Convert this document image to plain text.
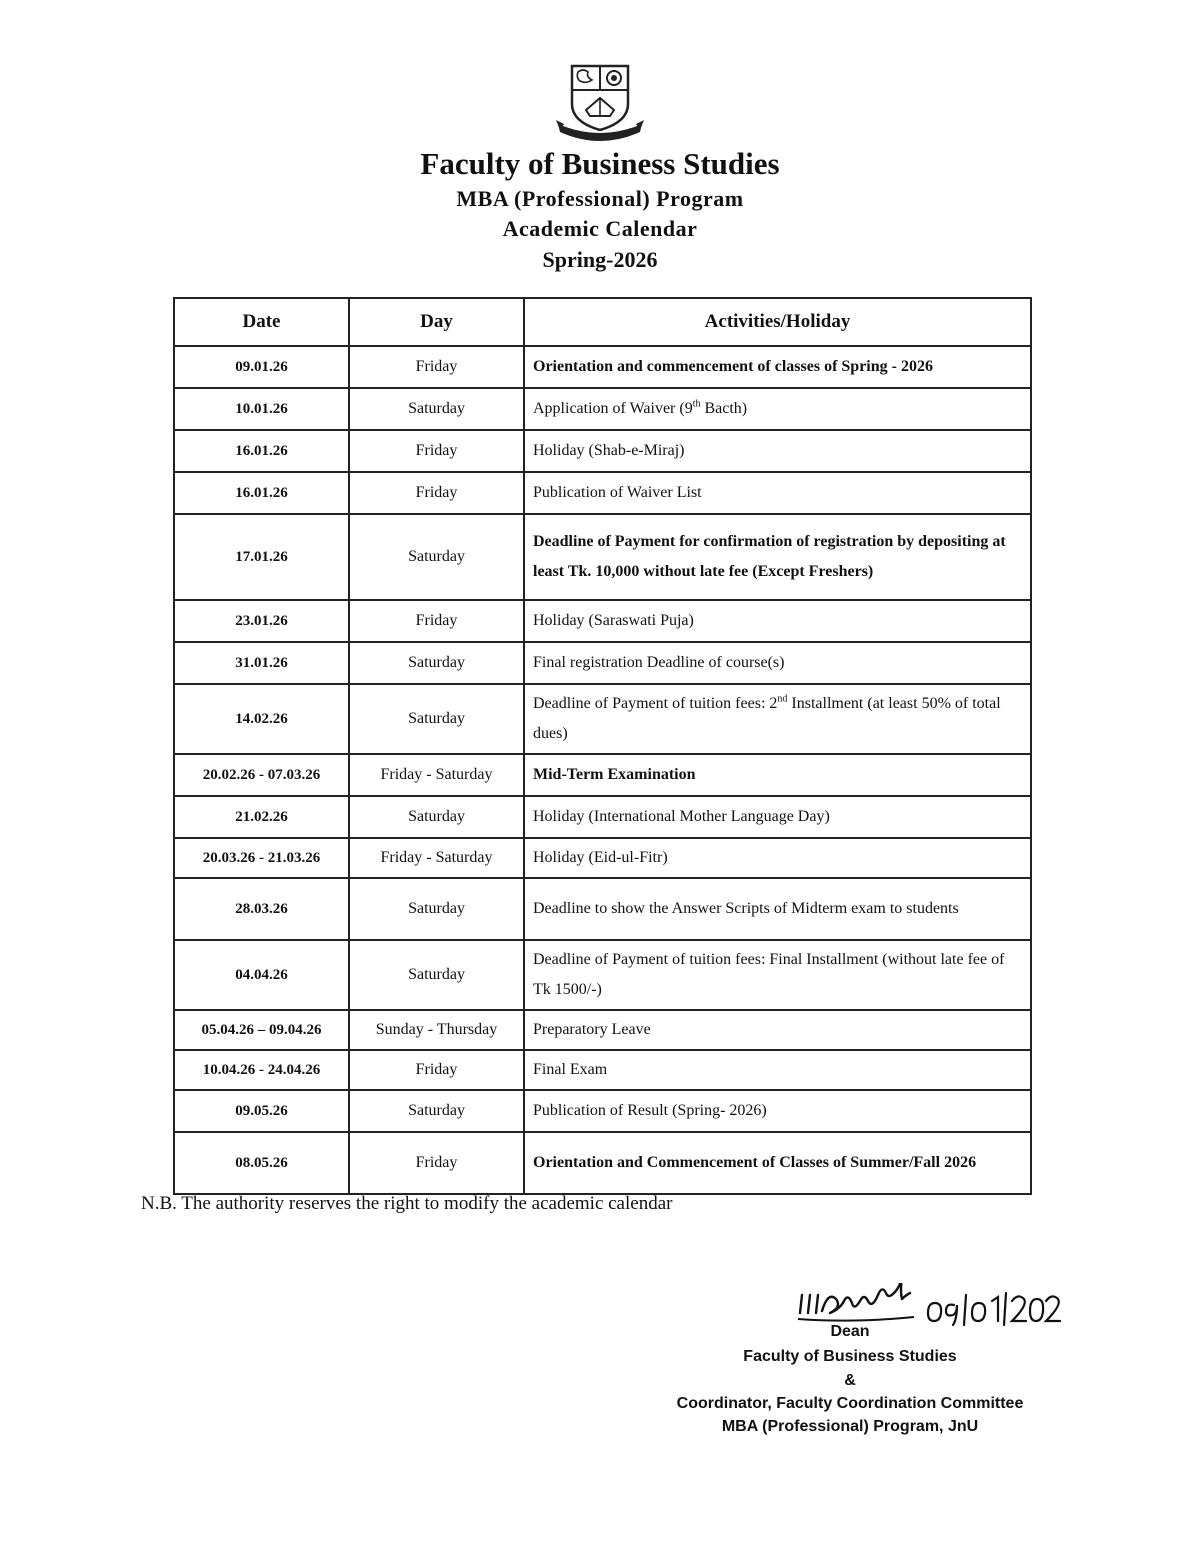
Faculty of Business Studies
MBA (Professional) Program
Academic Calendar
Spring-2026
Date	Day	Activities/Holiday
09.01.26	Friday	Orientation and commencement of classes of Spring - 2026
10.01.26	Saturday	Application of Waiver (9th Bacth)
16.01.26	Friday	Holiday (Shab-e-Miraj)
16.01.26	Friday	Publication of Waiver List
17.01.26	Saturday	Deadline of Payment for confirmation of registration by depositing at least Tk. 10,000 without late fee (Except Freshers)
23.01.26	Friday	Holiday (Saraswati Puja)
31.01.26	Saturday	Final registration Deadline of course(s)
14.02.26	Saturday	Deadline of Payment of tuition fees: 2nd Installment (at least 50% of total dues)
20.02.26 - 07.03.26	Friday - Saturday	Mid-Term Examination
21.02.26	Saturday	Holiday (International Mother Language Day)
20.03.26 - 21.03.26	Friday - Saturday	Holiday (Eid-ul-Fitr)
28.03.26	Saturday	Deadline to show the Answer Scripts of Midterm exam to students
04.04.26	Saturday	Deadline of Payment of tuition fees: Final Installment (without late fee of Tk 1500/-)
05.04.26 – 09.04.26	Sunday - Thursday	Preparatory Leave
10.04.26 - 24.04.26	Friday	Final Exam
09.05.26	Saturday	Publication of Result (Spring- 2026)
08.05.26	Friday	Orientation and Commencement of Classes of Summer/Fall 2026
N.B. The authority reserves the right to modify the academic calendar
Dean
Faculty of Business Studies
&
Coordinator, Faculty Coordination Committee
MBA (Professional) Program, JnU
